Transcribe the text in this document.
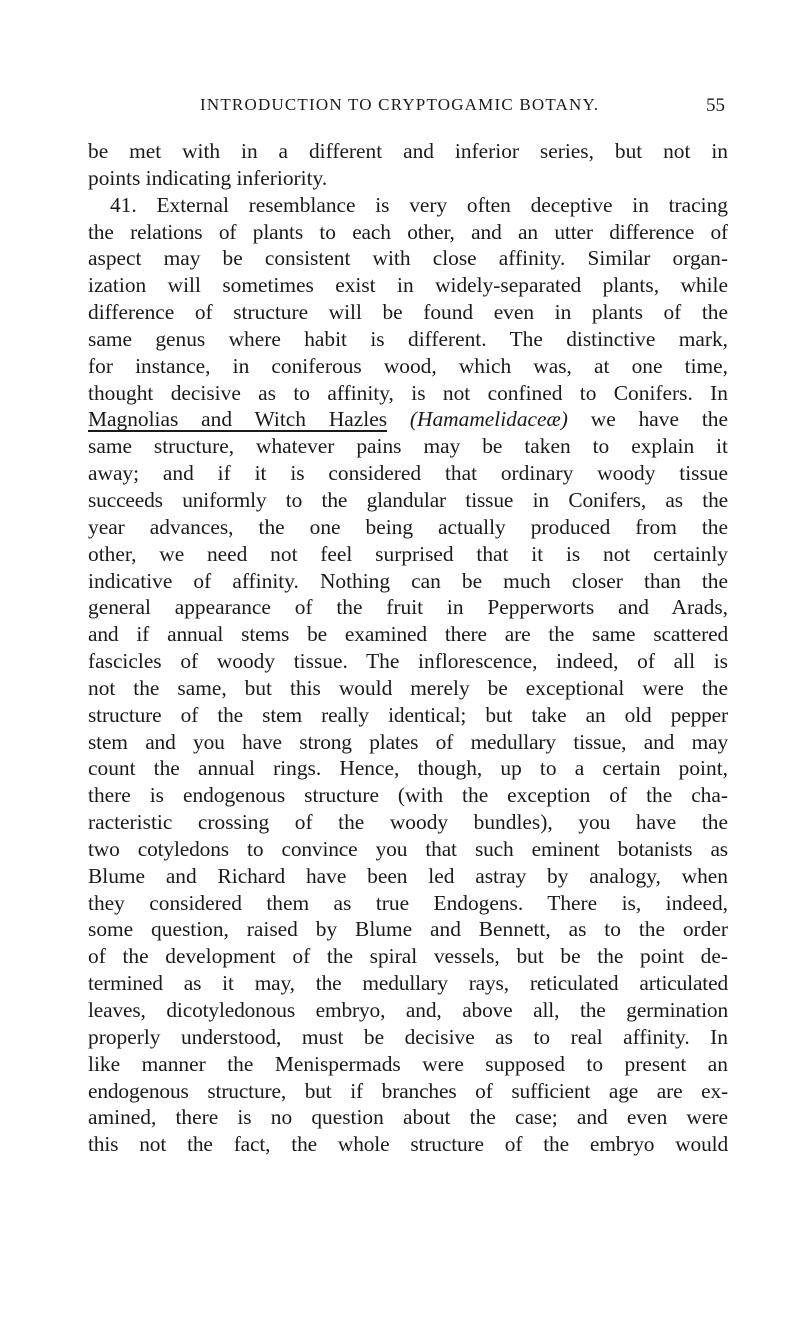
INTRODUCTION TO CRYPTOGAMIC BOTANY.	55
be met with in a different and inferior series, but not in
points indicating inferiority.
41. External resemblance is very often deceptive in tracing
the relations of plants to each other, and an utter difference of
aspect may be consistent with close affinity. Similar organ-
ization will sometimes exist in widely-separated plants, while
difference of structure will be found even in plants of the
same genus where habit is different. The distinctive mark,
for instance, in coniferous wood, which was, at one time,
thought decisive as to affinity, is not confined to Conifers. In
Magnolias and Witch Hazles (Hamamelidaceæ) we have the
same structure, whatever pains may be taken to explain it
away; and if it is considered that ordinary woody tissue
succeeds uniformly to the glandular tissue in Conifers, as the
year advances, the one being actually produced from the
other, we need not feel surprised that it is not certainly
indicative of affinity. Nothing can be much closer than the
general appearance of the fruit in Pepperworts and Arads,
and if annual stems be examined there are the same scattered
fascicles of woody tissue. The inflorescence, indeed, of all is
not the same, but this would merely be exceptional were the
structure of the stem really identical; but take an old pepper
stem and you have strong plates of medullary tissue, and may
count the annual rings. Hence, though, up to a certain point,
there is endogenous structure (with the exception of the cha-
racteristic crossing of the woody bundles), you have the
two cotyledons to convince you that such eminent botanists as
Blume and Richard have been led astray by analogy, when
they considered them as true Endogens. There is, indeed,
some question, raised by Blume and Bennett, as to the order
of the development of the spiral vessels, but be the point de-
termined as it may, the medullary rays, reticulated articulated
leaves, dicotyledonous embryo, and, above all, the germination
properly understood, must be decisive as to real affinity. In
like manner the Menispermads were supposed to present an
endogenous structure, but if branches of sufficient age are ex-
amined, there is no question about the case; and even were
this not the fact, the whole structure of the embryo would
